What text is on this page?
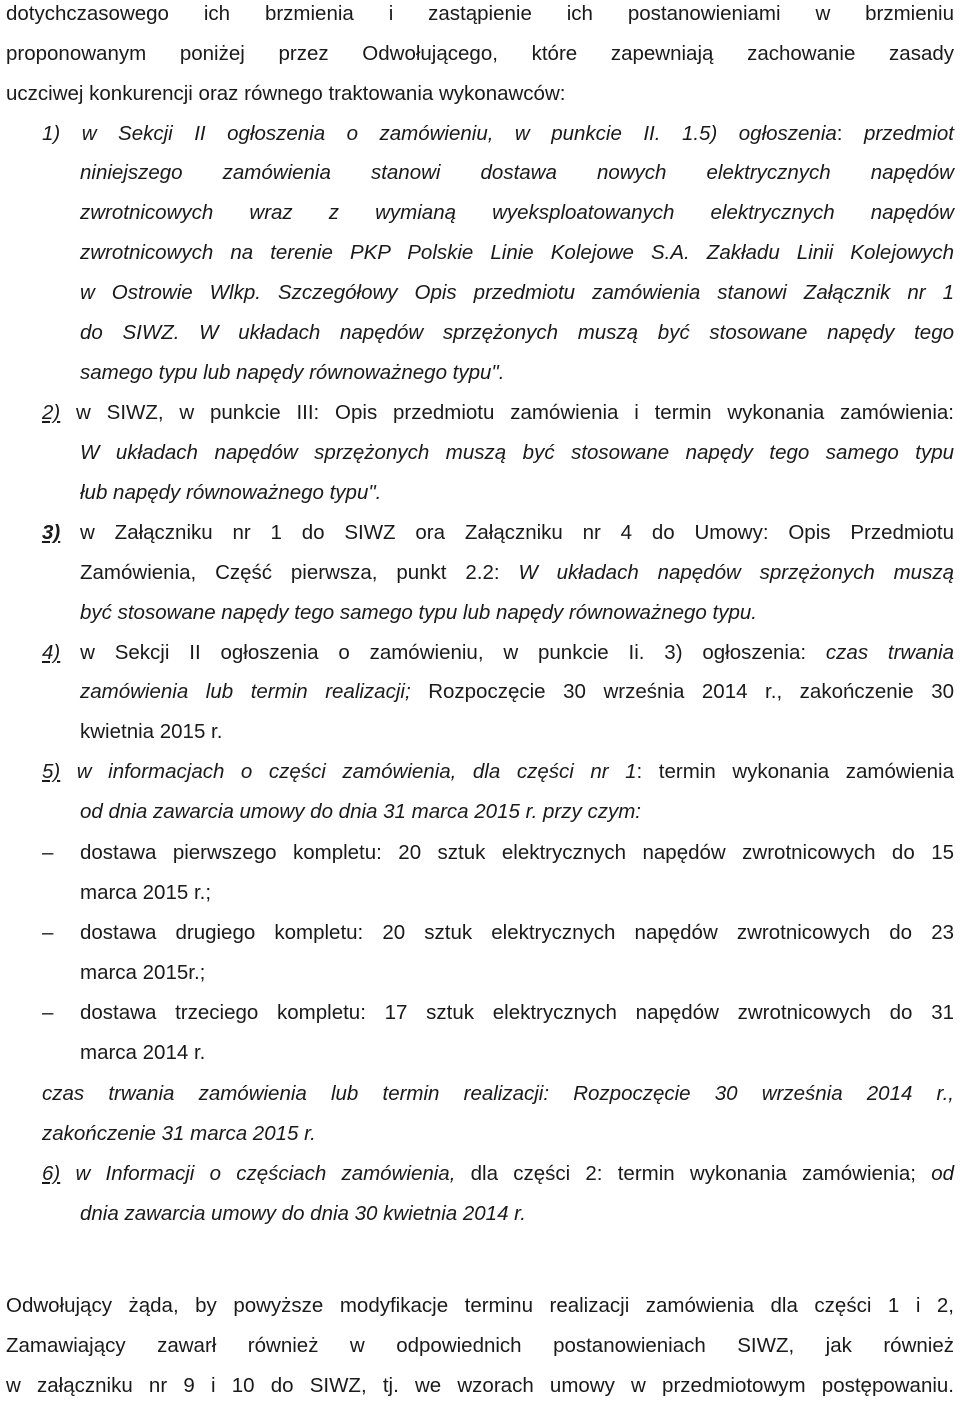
dotychczasowego ich brzmienia i zastąpienie ich postanowieniami w brzmieniu
proponowanym poniżej przez Odwołującego, które zapewniają zachowanie zasady
uczciwej konkurencji oraz równego traktowania wykonawców:
1) w Sekcji II ogłoszenia o zamówieniu, w punkcie II. 1.5) ogłoszenia: przedmiot
niniejszego zamówienia stanowi dostawa nowych elektrycznych napędów
zwrotnicowych wraz z wymianą wyeksploatowanych elektrycznych napędów
zwrotnicowych na terenie PKP Polskie Linie Kolejowe S.A. Zakładu Linii Kolejowych
w Ostrowie Wlkp. Szczegółowy Opis przedmiotu zamówienia stanowi Załącznik nr 1
do SIWZ. W układach napędów sprzężonych muszą być stosowane napędy tego
samego typu lub napędy równoważnego typu".
2) w SIWZ, w punkcie III: Opis przedmiotu zamówienia i termin wykonania zamówienia:
W układach napędów sprzężonych muszą być stosowane napędy tego samego typu
łub napędy równoważnego typu".
3) w Załączniku nr 1 do SIWZ ora Załączniku nr 4 do Umowy: Opis Przedmiotu
Zamówienia, Część pierwsza, punkt 2.2: W układach napędów sprzężonych muszą
być stosowane napędy tego samego typu lub napędy równoważnego typu.
4) w Sekcji II ogłoszenia o zamówieniu, w punkcie Ii. 3) ogłoszenia: czas trwania
zamówienia lub termin realizacji; Rozpoczęcie 30 września 2014 r., zakończenie 30
kwietnia 2015 r.
5) w informacjach o części zamówienia, dla części nr 1: termin wykonania zamówienia
od dnia zawarcia umowy do dnia 31 marca 2015 r. przy czym:
–	dostawa pierwszego kompletu: 20 sztuk elektrycznych napędów zwrotnicowych do 15
marca 2015 r.;
–	dostawa drugiego kompletu: 20 sztuk elektrycznych napędów zwrotnicowych do 23
marca 2015r.;
–	dostawa trzeciego kompletu: 17 sztuk elektrycznych napędów zwrotnicowych do 31
marca 2014 r.
czas trwania zamówienia lub termin realizacji: Rozpoczęcie 30 września 2014 r.,
zakończenie 31 marca 2015 r.
6) w Informacji o częściach zamówienia, dla części 2: termin wykonania zamówienia; od
dnia zawarcia umowy do dnia 30 kwietnia 2014 r.
Odwołujący żąda, by powyższe modyfikacje terminu realizacji zamówienia dla części 1 i 2,
Zamawiający zawarł również w odpowiednich postanowieniach SIWZ, jak również
w załączniku nr 9 i 10 do SIWZ, tj. we wzorach umowy w przedmiotowym postępowaniu.
